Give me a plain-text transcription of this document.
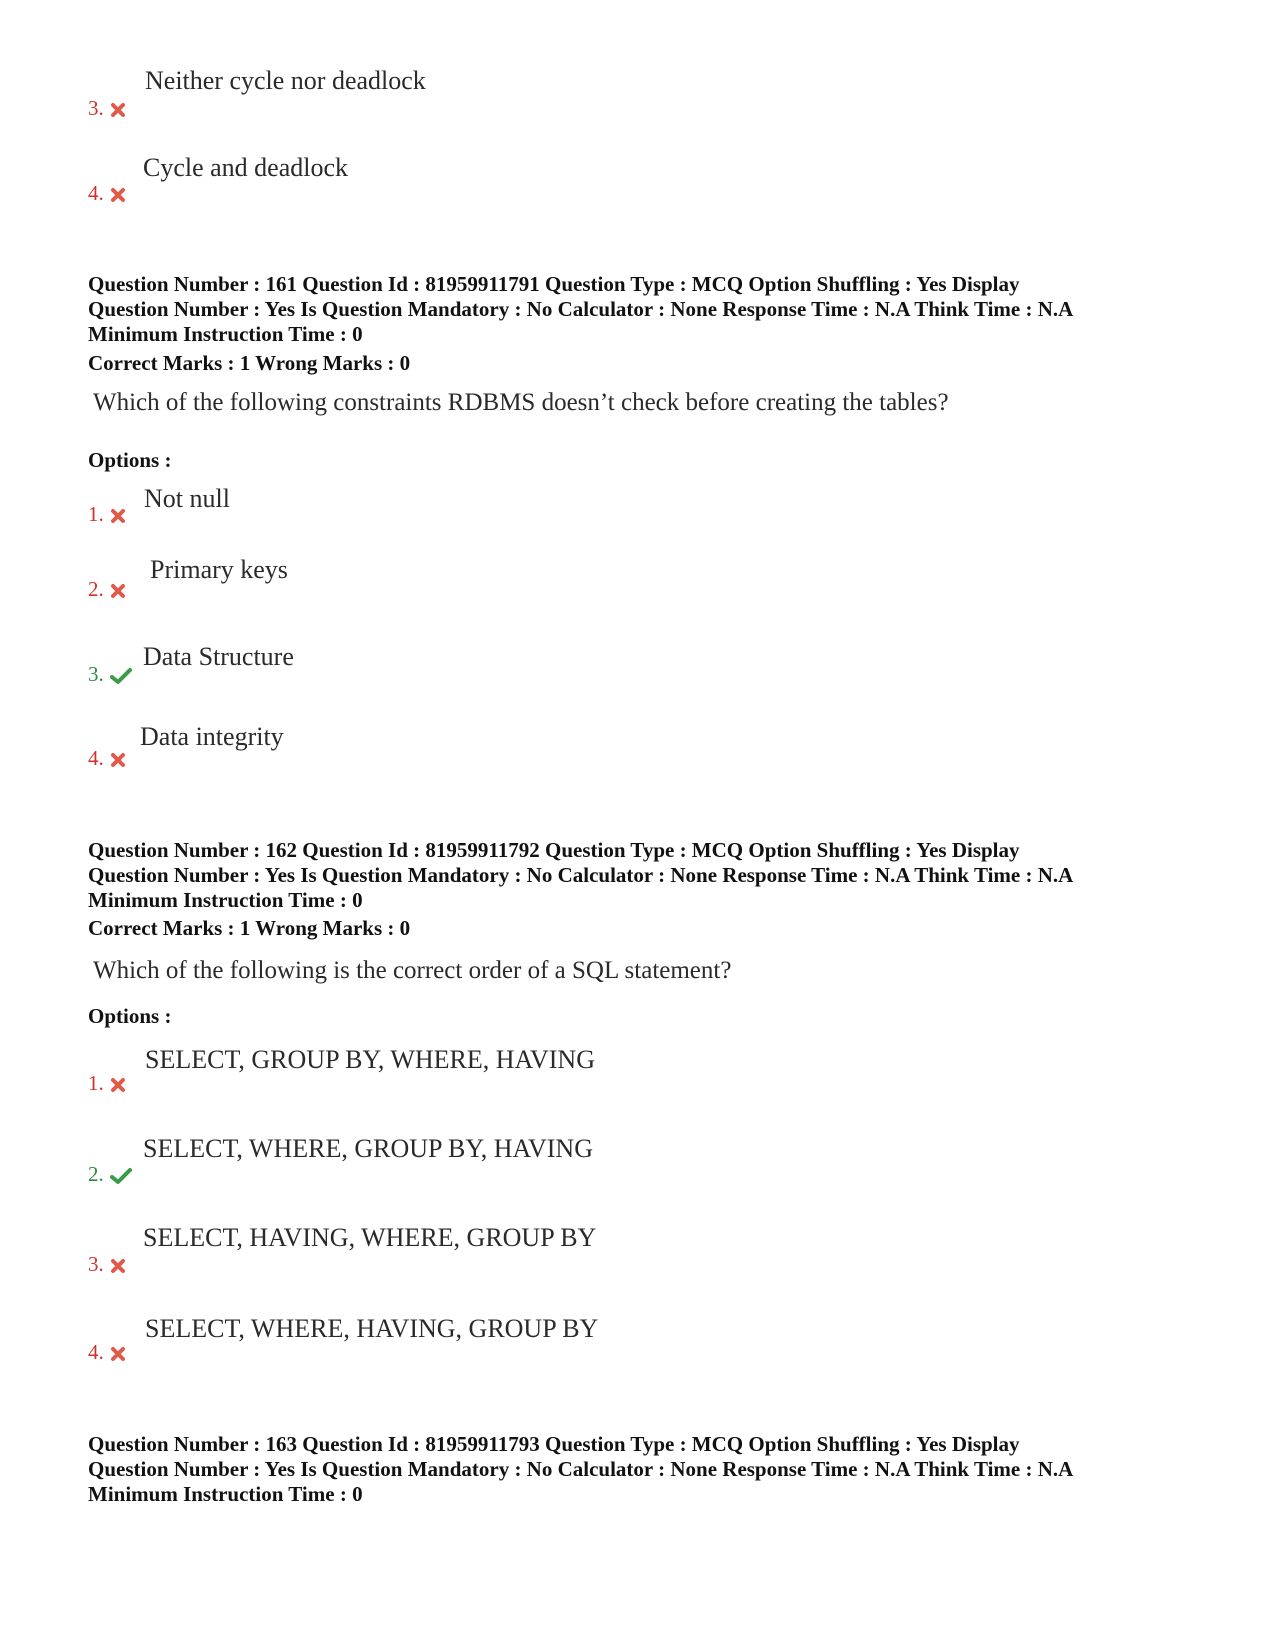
3.
Neither cycle nor deadlock
4.
Cycle and deadlock
Question Number : 161 Question Id : 81959911791 Question Type : MCQ Option Shuffling : Yes Display
Question Number : Yes Is Question Mandatory : No Calculator : None Response Time : N.A Think Time : N.A
Minimum Instruction Time : 0
Correct Marks : 1 Wrong Marks : 0
Which of the following constraints RDBMS doesn’t check before creating the tables?
Options :
1.
Not null
2.
Primary keys
3.
Data Structure
4.
Data integrity
Question Number : 162 Question Id : 81959911792 Question Type : MCQ Option Shuffling : Yes Display
Question Number : Yes Is Question Mandatory : No Calculator : None Response Time : N.A Think Time : N.A
Minimum Instruction Time : 0
Correct Marks : 1 Wrong Marks : 0
Which of the following is the correct order of a SQL statement?
Options :
1.
SELECT, GROUP BY, WHERE, HAVING
2.
SELECT, WHERE, GROUP BY, HAVING
3.
SELECT, HAVING, WHERE, GROUP BY
4.
SELECT, WHERE, HAVING, GROUP BY
Question Number : 163 Question Id : 81959911793 Question Type : MCQ Option Shuffling : Yes Display
Question Number : Yes Is Question Mandatory : No Calculator : None Response Time : N.A Think Time : N.A
Minimum Instruction Time : 0
